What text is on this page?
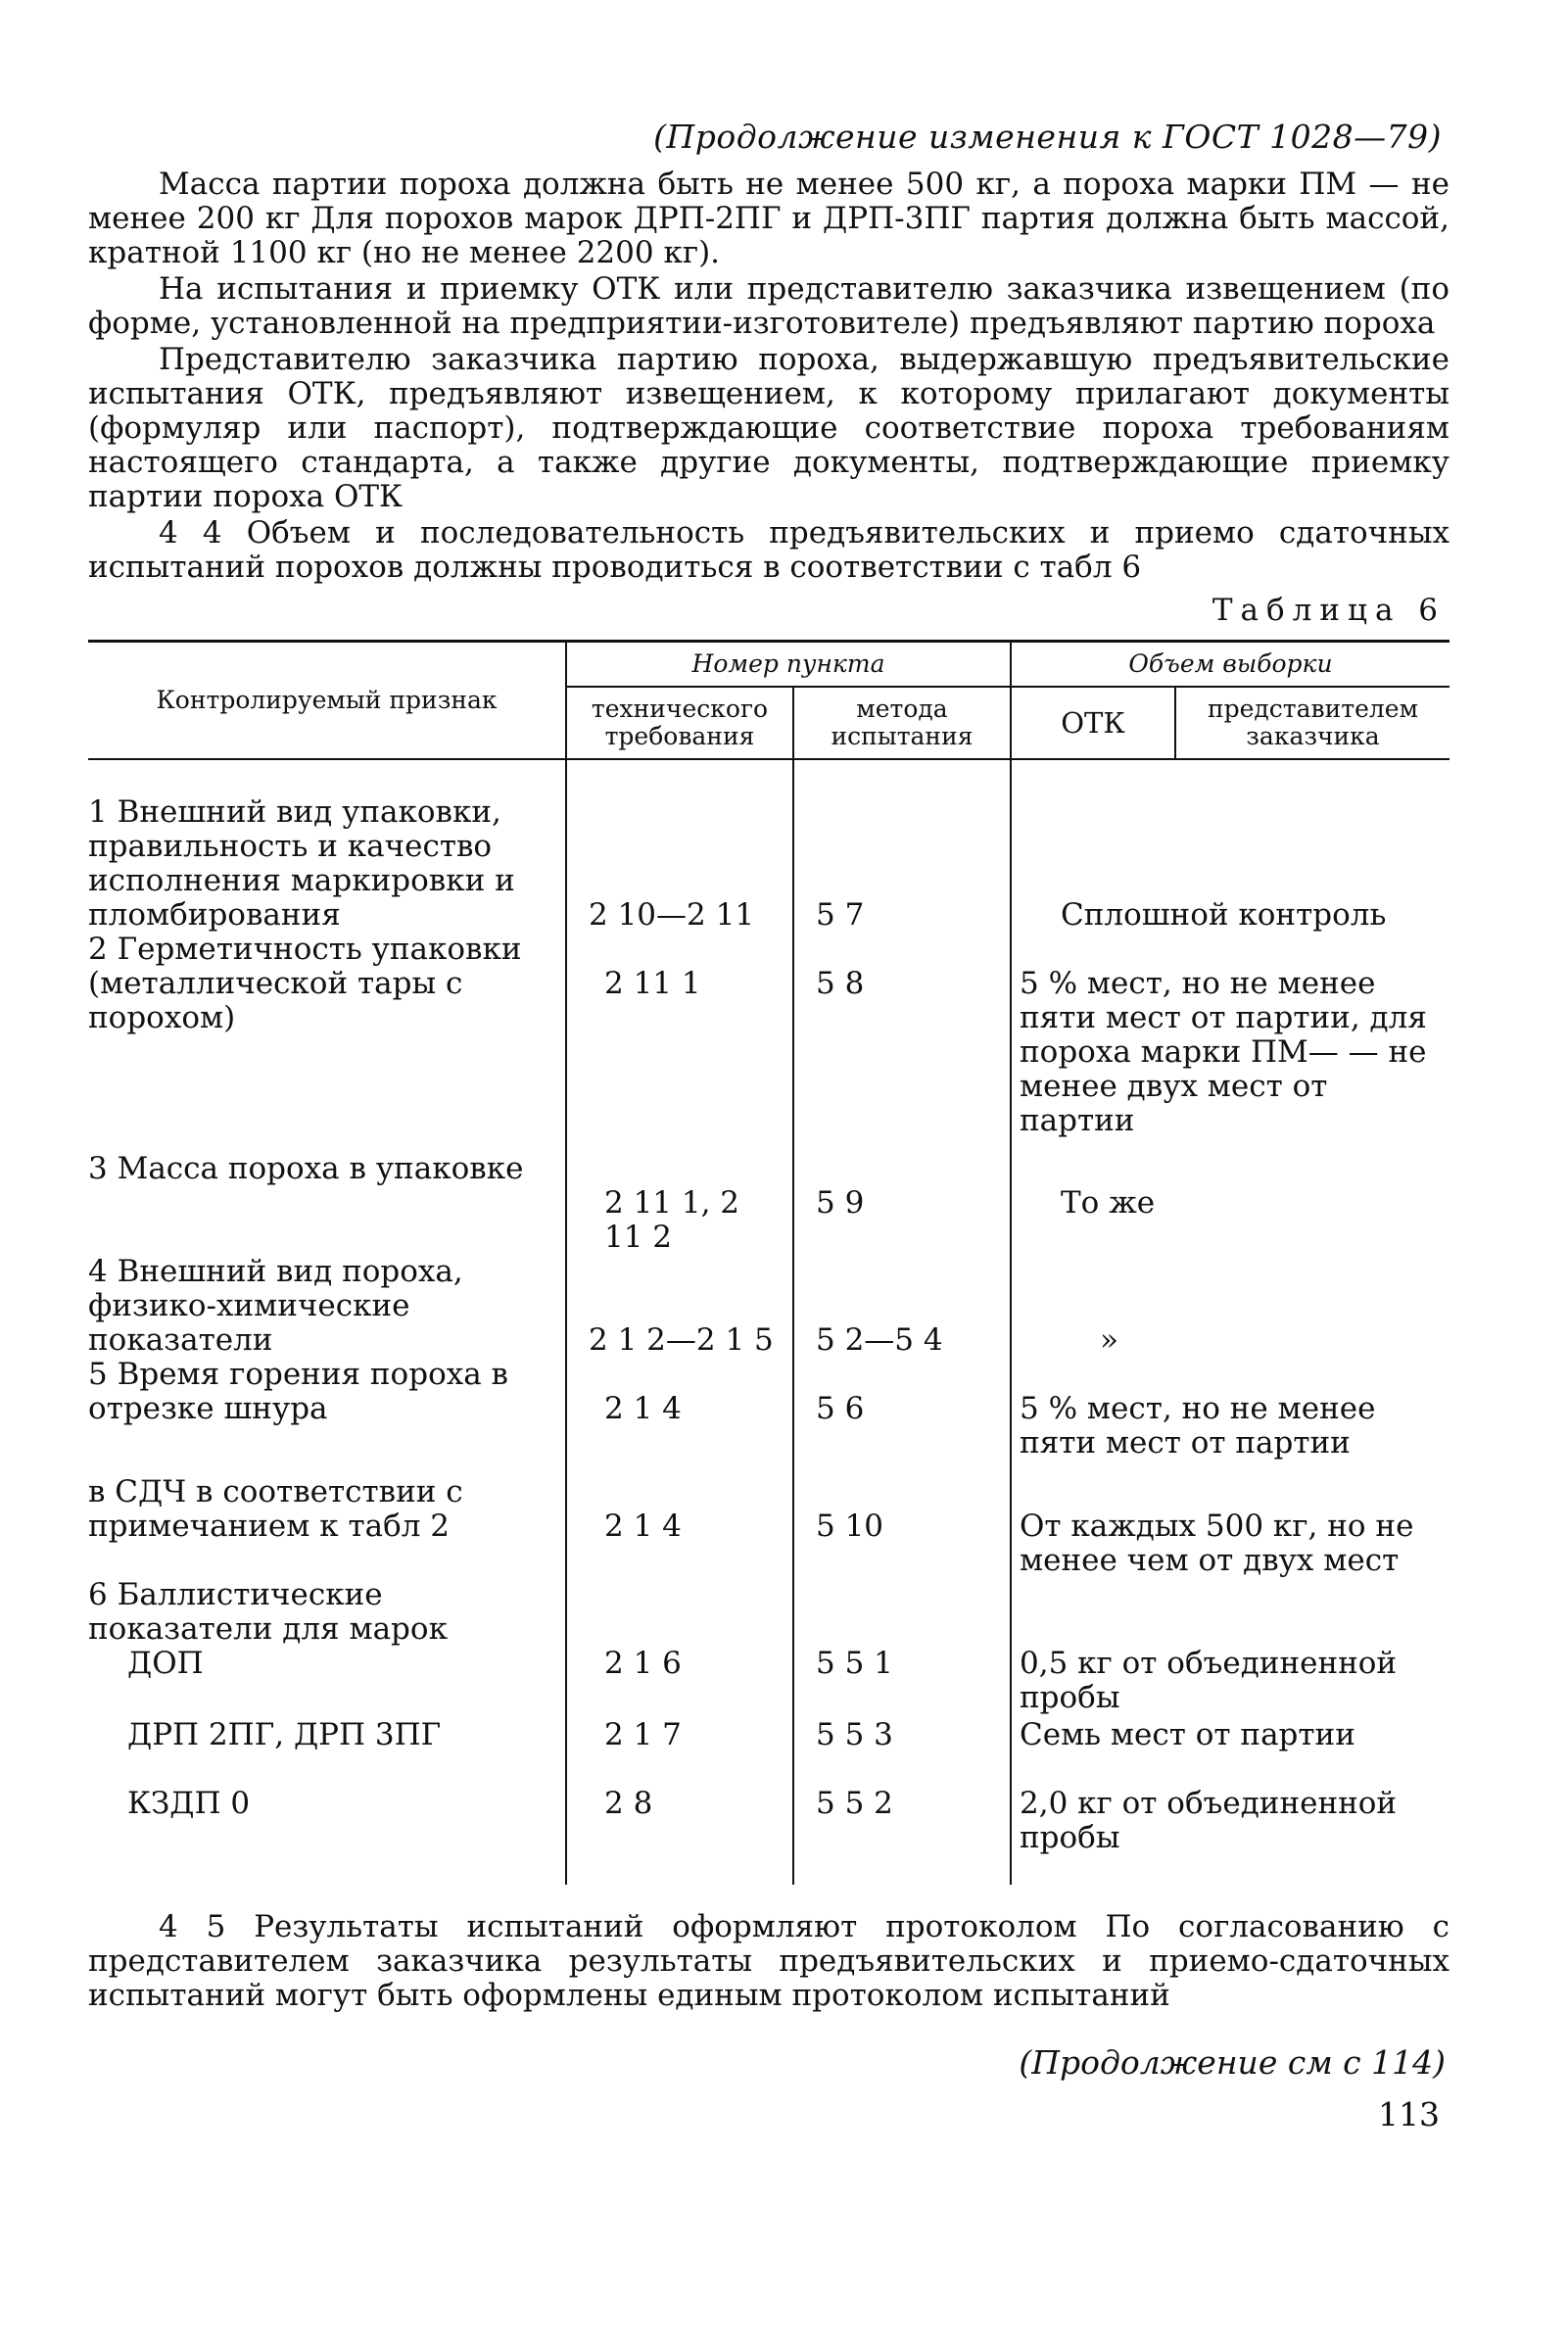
(Продолжение изменения к ГОСТ 1028—79)

Масса партии пороха должна быть не менее 500 кг, а пороха марки ПМ — не менее 200 кг Для порохов марок ДРП-2ПГ и ДРП-3ПГ партия должна быть массой, кратной 1100 кг (но не менее 2200 кг).

На испытания и приемку ОТК или представителю заказчика извещением (по форме, установленной на предприятии-изготовителе) предъявляют партию пороха

Представителю заказчика партию пороха, выдержавшую предъявительские испытания ОТК, предъявляют извещением, к которому прилагают документы (формуляр или паспорт), подтверждающие соответствие пороха требованиям настоящего стандарта, а также другие документы, подтверждающие приемку партии пороха ОТК

4 4 Объем и последовательность предъявительских и приемо сдаточных испытаний порохов должны проводиться в соответствии с табл 6

Таблица 6
Контролируемый признак	Номер пункта		Объем выборки	
	технического требования	метода испытания	ОТК	представителем заказчика

1 Внешний вид упаковки, правильность и качество исполнения маркировки и пломбирования	2 10—2 11	5 7	Сплошной контроль	
2 Герметичность упаковки (металлической тары с порохом)	2 11 1	5 8	5 % мест, но не менее пяти мест от партии, для пороха марки ПМ— — не менее двух мест от партии	
3 Масса пороха в упаковке	2 11 1, 2 11 2	5 9	То же	
4 Внешний вид пороха, физико-химические показатели	2 1 2—2 1 5	5 2—5 4	»	
5 Время горения пороха в отрезке шнура	2 1 4	5 6	5 % мест, но не менее пяти мест от партии	
в СДЧ в соответствии с примечанием к табл 2	2 1 4	5 10	От каждых 500 кг, но не менее чем от двух мест	
6 Баллистические показатели для марок				
ДОП	2 1 6	5 5 1	0,5 кг от объединенной пробы	
ДРП 2ПГ, ДРП 3ПГ	2 1 7	5 5 3	Семь мест от партии	
КЗДП 0	2 8	5 5 2	2,0 кг от объединенной пробы	

4 5 Результаты испытаний оформляют протоколом По согласованию с представителем заказчика результаты предъявительских и приемо-сдаточных испытаний могут быть оформлены единым протоколом испытаний

(Продолжение см с 114)
113
